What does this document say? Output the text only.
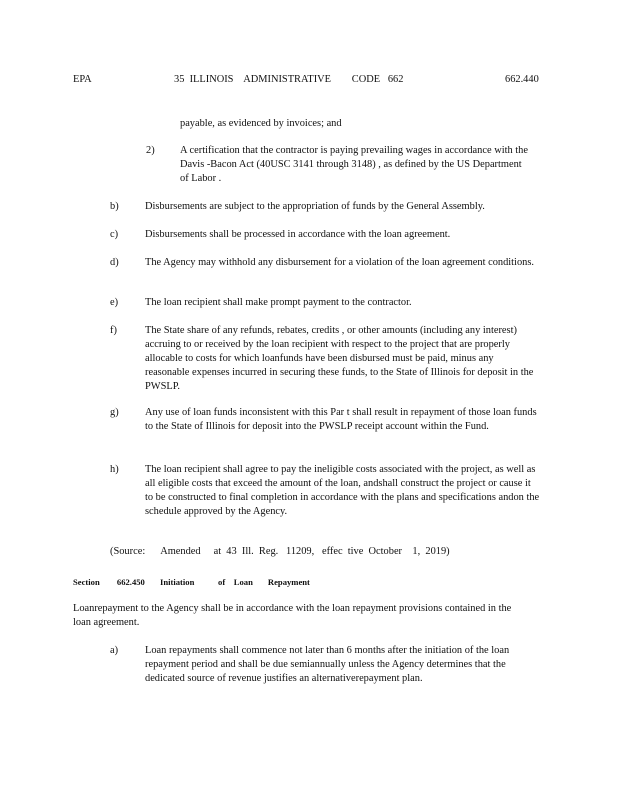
EPA	35  ILLINOIS    ADMINISTRATIVE        CODE   662	662.440
payable, as evidenced by invoices; and
2) A certification that the contractor is paying prevailing wages in accordance with the Davis -Bacon Act (40USC 3141 through 3148) , as defined by the US Department of Labor .
b)	Disbursements are subject to the appropriation of funds by the General Assembly.
c)	Disbursements shall be processed in accordance with the loan agreement.
d)	The Agency may withhold any disbursement for a violation of the loan agreement conditions.
e)	The loan recipient shall make prompt payment to the contractor.
f)	The State share of any refunds, rebates, credits , or other amounts (including any interest) accruing to or received by the loan recipient with respect to the project that are properly allocable to costs for which loanfunds have been disbursed must be paid, minus any reasonable expenses incurred in securing these funds, to the State of Illinois for deposit in the PWSLP.
g)	Any use of loan funds inconsistent with this Par t shall result in repayment of those loan funds to the State of Illinois for deposit into the PWSLP receipt account within the Fund.
h)	The loan recipient shall agree to pay the ineligible costs associated with the project, as well as all eligible costs that exceed the amount of the loan, andshall construct the project or cause it to be constructed to final completion in accordance with the plans and specifications andon the schedule approved by the Agency.
(Source:      Amended     at  43  Ill.  Reg.   11209,   effec  tive  October    1,  2019)
Section        662.450 Initiation           of    Loan       Repayment
Loanrepayment to the Agency shall be in accordance with the loan repayment provisions contained in the loan agreement.
a)	Loan repayments shall commence not later than 6 months after the initiation of the loan repayment period and shall be due semiannually unless the Agency determines that the dedicated source of revenue justifies an alternativerepayment plan.
